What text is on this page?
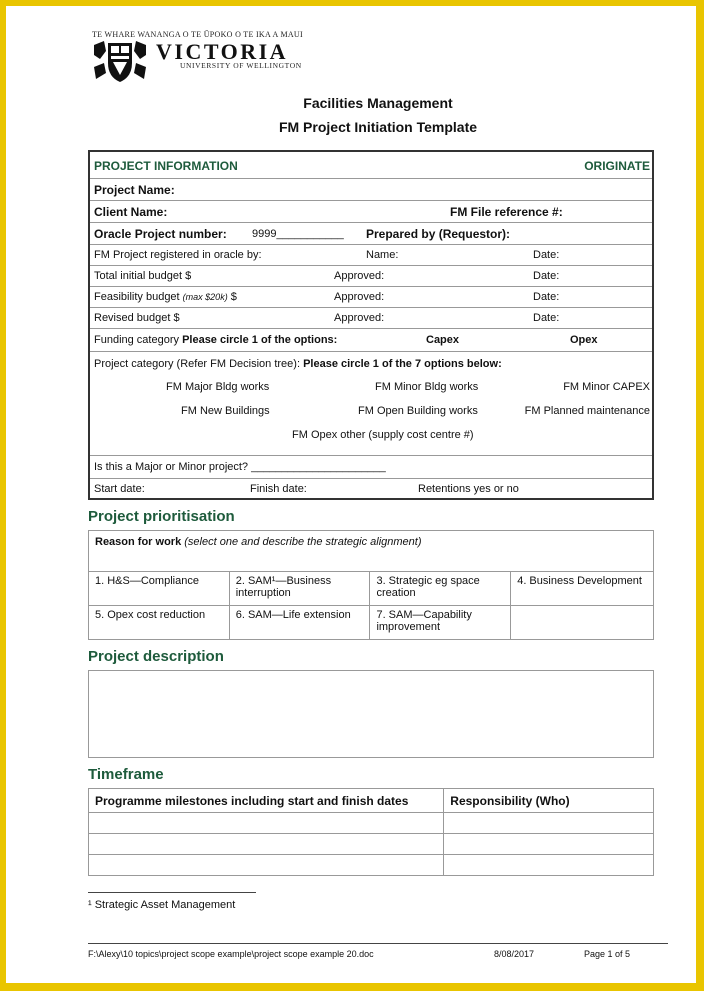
TE WHARE WANANGA O TE ŪPOKO O TE IKA A MAUI
VICTORIA
UNIVERSITY OF WELLINGTON
Facilities Management
FM Project Initiation Template
PROJECT INFORMATION	ORIGINATE
Project Name:
Client Name:	FM File reference #:
Oracle Project number: 9999___________ Prepared by (Requestor):
FM Project registered in oracle by:	Name:	Date:
Total initial budget $	Approved:	Date:
Feasibility budget (max $20k) $	Approved:	Date:
Revised budget $	Approved:	Date:
Funding category Please circle 1 of the options:	Capex	Opex
Project category (Refer FM Decision tree): Please circle 1 of the 7 options below:
FM Major Bldg works	FM Minor Bldg works	FM Minor CAPEX
FM New Buildings	FM Open Building works	FM Planned maintenance
FM Opex other (supply cost centre #)
Is this a Major or Minor project? ______________________
Start date:	Finish date:	Retentions yes or no
Project prioritisation
Reason for work (select one and describe the strategic alignment)			
1. H&S—Compliance	2. SAM¹—Business interruption	3. Strategic eg space creation	4. Business Development
5. Opex cost reduction	6. SAM—Life extension	7. SAM—Capability improvement	
Project description
Timeframe
Programme milestones including start and finish dates	Responsibility (Who)

¹ Strategic Asset Management
F:\Alexy\10 topics\project scope example\project scope example 20.doc	8/08/2017	Page 1 of 5
